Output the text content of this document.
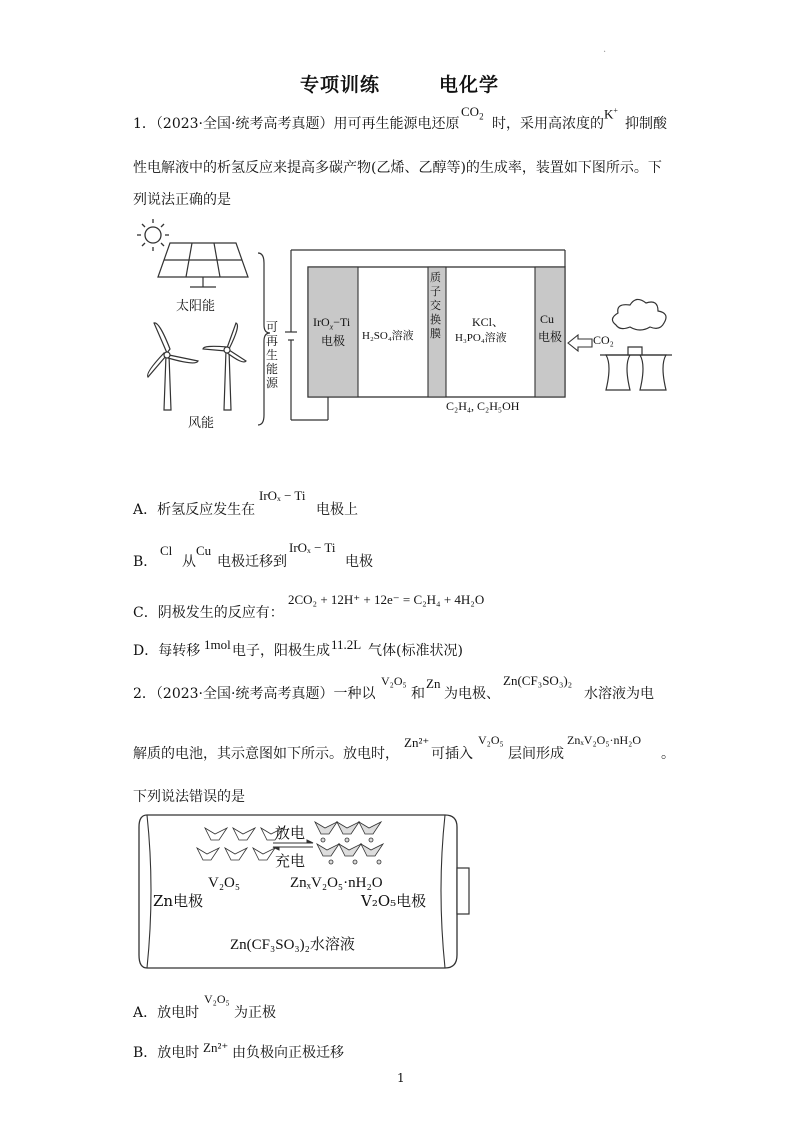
.
专项训练	电化学
1．（2023·全国·统考高考真题）用可再生能源电还原
$CO_2$ 时，采用高浓度的
K+
抑制酸
性电解液中的析氢反应来提高多碳产物(乙烯、乙醇等)的生成率，装置如下图所示。下
列说法正确的是
太阳能
风能
可
再
生
能
源
IrO$_x$−Ti
电极 H₂SO₄溶液
质
子
交
换
膜
KCl、
H₃PO₄溶液
Cu
电极	CO₂
C₂H₄, C₂H₅OH
A．析氢反应发生在
IrOₓ − Ti
电极上
B．
Cl
从
Cu
电极迁移到
IrOₓ − Ti
电极
C．阴极发生的反应有：
2CO₂ + 12H⁺ + 12e⁻ = C₂H₄ + 4H₂O
D．每转移 1mol 电子，阳极生成 11.2L 气体(标准状况)
2．（2023·全国·统考高考真题）一种以
V₂O₅
和
Zn
为电极、
Zn(CF₃SO₃)₂
水溶液为电
解质的电池，其示意图如下所示。放电时，
Zn²⁺
可插入
V₂O₅
层间形成
ZnₓV₂O₅·nH₂O
。
下列说法错误的是
放电
充电
V₂O₅	ZnₓV₂O₅·nH₂O
Zn电极	V₂O₅电极
Zn(CF₃SO₃)₂水溶液
A．放电时
V₂O₅
为正极
B．放电时 Zn²⁺ 由负极向正极迁移
1
